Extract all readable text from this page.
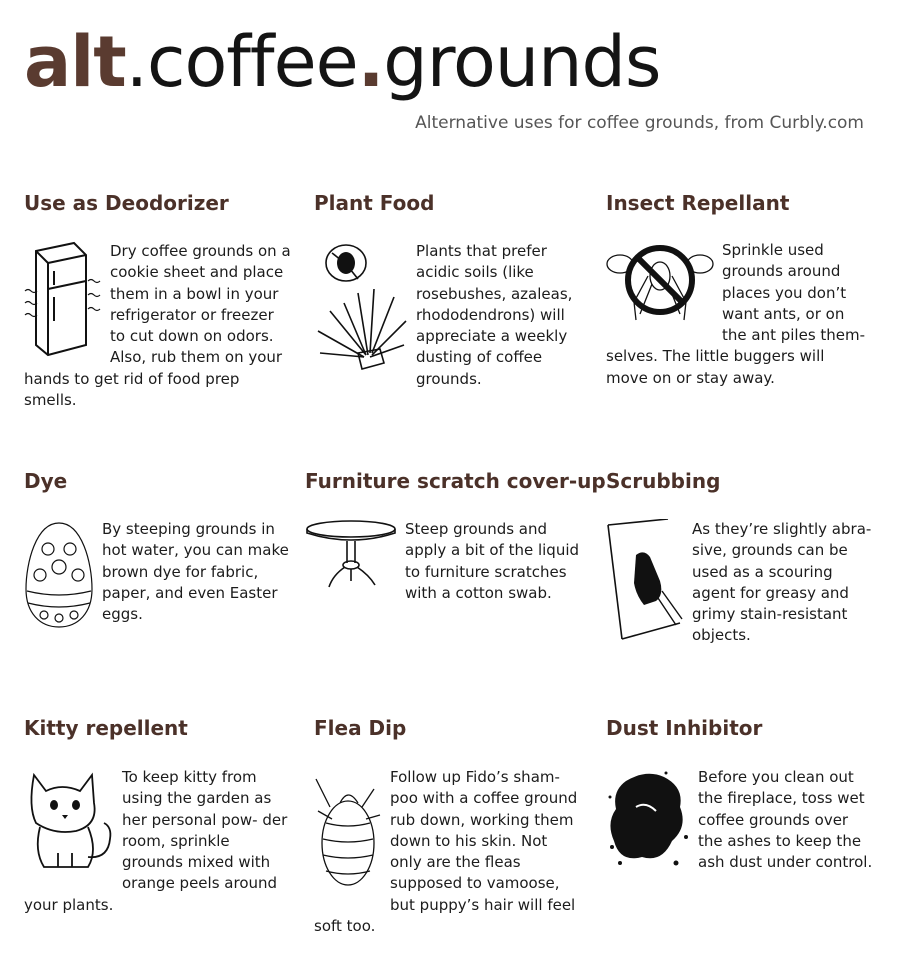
alt.coffee.grounds
Alternative uses for coffee grounds, from Curbly.com
Use as Deodorizer
Dry coffee grounds on a cookie sheet and place them in a bowl in your refrigerator or freezer to cut down on odors. Also, rub them on your hands to get rid of food prep smells.
Plant Food
Plants that prefer acidic soils (like rosebushes, azaleas, rhododendrons) will appreciate a weekly dusting of coffee grounds.
Insect Repellant
Sprinkle used grounds around places you don’t want ants, or on the ant piles them- selves. The little buggers will move on or stay away.
Dye
By steeping grounds in hot water, you can make brown dye for fabric, paper, and even Easter eggs.
Furniture scratch cover-up
Steep grounds and apply a bit of the liquid to furniture scratches with a cotton swab.
Scrubbing
As they’re slightly abra- sive, grounds can be used as a scouring agent for greasy and grimy stain-resistant objects.
Kitty repellent
To keep kitty from using the garden as her personal pow- der room, sprinkle grounds mixed with orange peels around your plants.
Flea Dip
Follow up Fido’s sham- poo with a coffee ground rub down, working them down to his skin. Not only are the fleas supposed to vamoose, but puppy’s hair will feel soft too.
Dust Inhibitor
Before you clean out the fireplace, toss wet coffee grounds over the ashes to keep the ash dust under control.
